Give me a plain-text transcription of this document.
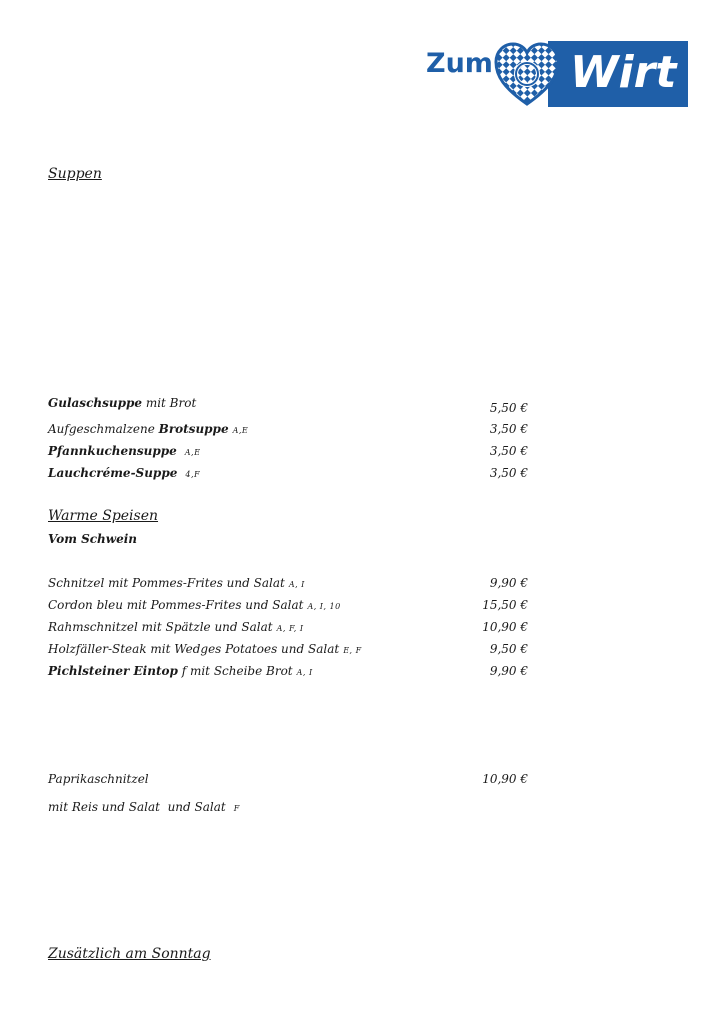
Zum Wirt
Suppen
Gulaschsuppe mit Brot	5,50 €
Aufgeschmalzene Brotsuppe A,E	3,50 €
Pfannkuchensuppe A,E	3,50 €
Lauchcréme-Suppe 4,F	3,50 €
Warme Speisen
Vom Schwein
Schnitzel mit Pommes-Frites und Salat A, I	9,90 €
Cordon bleu mit Pommes-Frites und Salat A, I, 10	15,50 €
Rahmschnitzel mit Spätzle und Salat A, F, I	10,90 €
Holzfäller-Steak mit Wedges Potatoes und Salat E, F	9,50 €
Pichlsteiner Eintop f mit Scheibe Brot A, I	9,90 €
Paprikaschnitzel	10,90 €
mit Reis und Salat  und Salat F
Zusätzlich am Sonntag
